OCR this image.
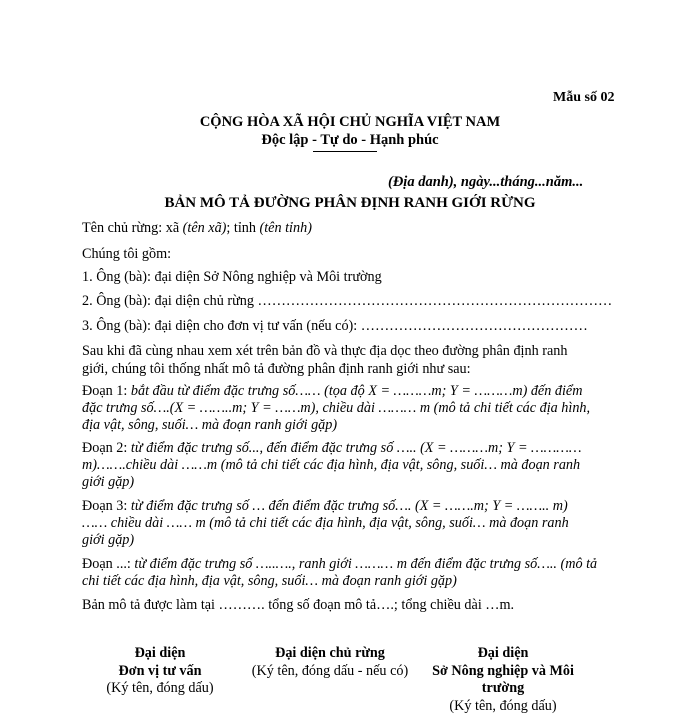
Mẫu số 02
CỘNG HÒA XÃ HỘI CHỦ NGHĨA VIỆT NAM
Độc lập - Tự do - Hạnh phúc
(Địa danh), ngày...tháng...năm...
BẢN MÔ TẢ ĐƯỜNG PHÂN ĐỊNH RANH GIỚI RỪNG
Tên chủ rừng: xã (tên xã); tỉnh (tên tỉnh)
Chúng tôi gồm:
1. Ông (bà): đại diện Sở Nông nghiệp và Môi trường
2. Ông (bà): đại diện chủ rừng …………………………………………………………………
3. Ông (bà): đại diện cho đơn vị tư vấn (nếu có): …………………………………………
Sau khi đã cùng nhau xem xét trên bản đồ và thực địa dọc theo đường phân định ranh
giới, chúng tôi thống nhất mô tả đường phân định ranh giới như sau:
Đoạn 1: bắt đầu từ điểm đặc trưng số…… (tọa độ X = ………m; Y = ………m) đến điểm
đặc trưng số….(X = ……..m; Y = ……m), chiều dài ……… m (mô tả chi tiết các địa hình,
địa vật, sông, suối… mà đoạn ranh giới gặp)
Đoạn 2: từ điểm đặc trưng số..., đến điểm đặc trưng số ….. (X = ………m; Y = …………
m)…….chiều dài ……m (mô tả chi tiết các địa hình, địa vật, sông, suối… mà đoạn ranh
giới gặp)
Đoạn 3: từ điểm đặc trưng số … đến điểm đặc trưng số…. (X = …….m; Y = …….. m)
…… chiều dài …… m (mô tả chi tiết các địa hình, địa vật, sông, suối… mà đoạn ranh
giới gặp)
Đoạn ...: từ điểm đặc trưng số …..…., ranh giới ……… m đến điểm đặc trưng số….. (mô tả
chi tiết các địa hình, địa vật, sông, suối… mà đoạn ranh giới gặp)
Bản mô tả được làm tại ………. tổng số đoạn mô tả….; tổng chiều dài …m.
Đại diện
Đơn vị tư vấn
(Ký tên, đóng dấu)
Đại diện chủ rừng
(Ký tên, đóng dấu - nếu có)
Đại diện
Sở Nông nghiệp và Môi trường
(Ký tên, đóng dấu)
